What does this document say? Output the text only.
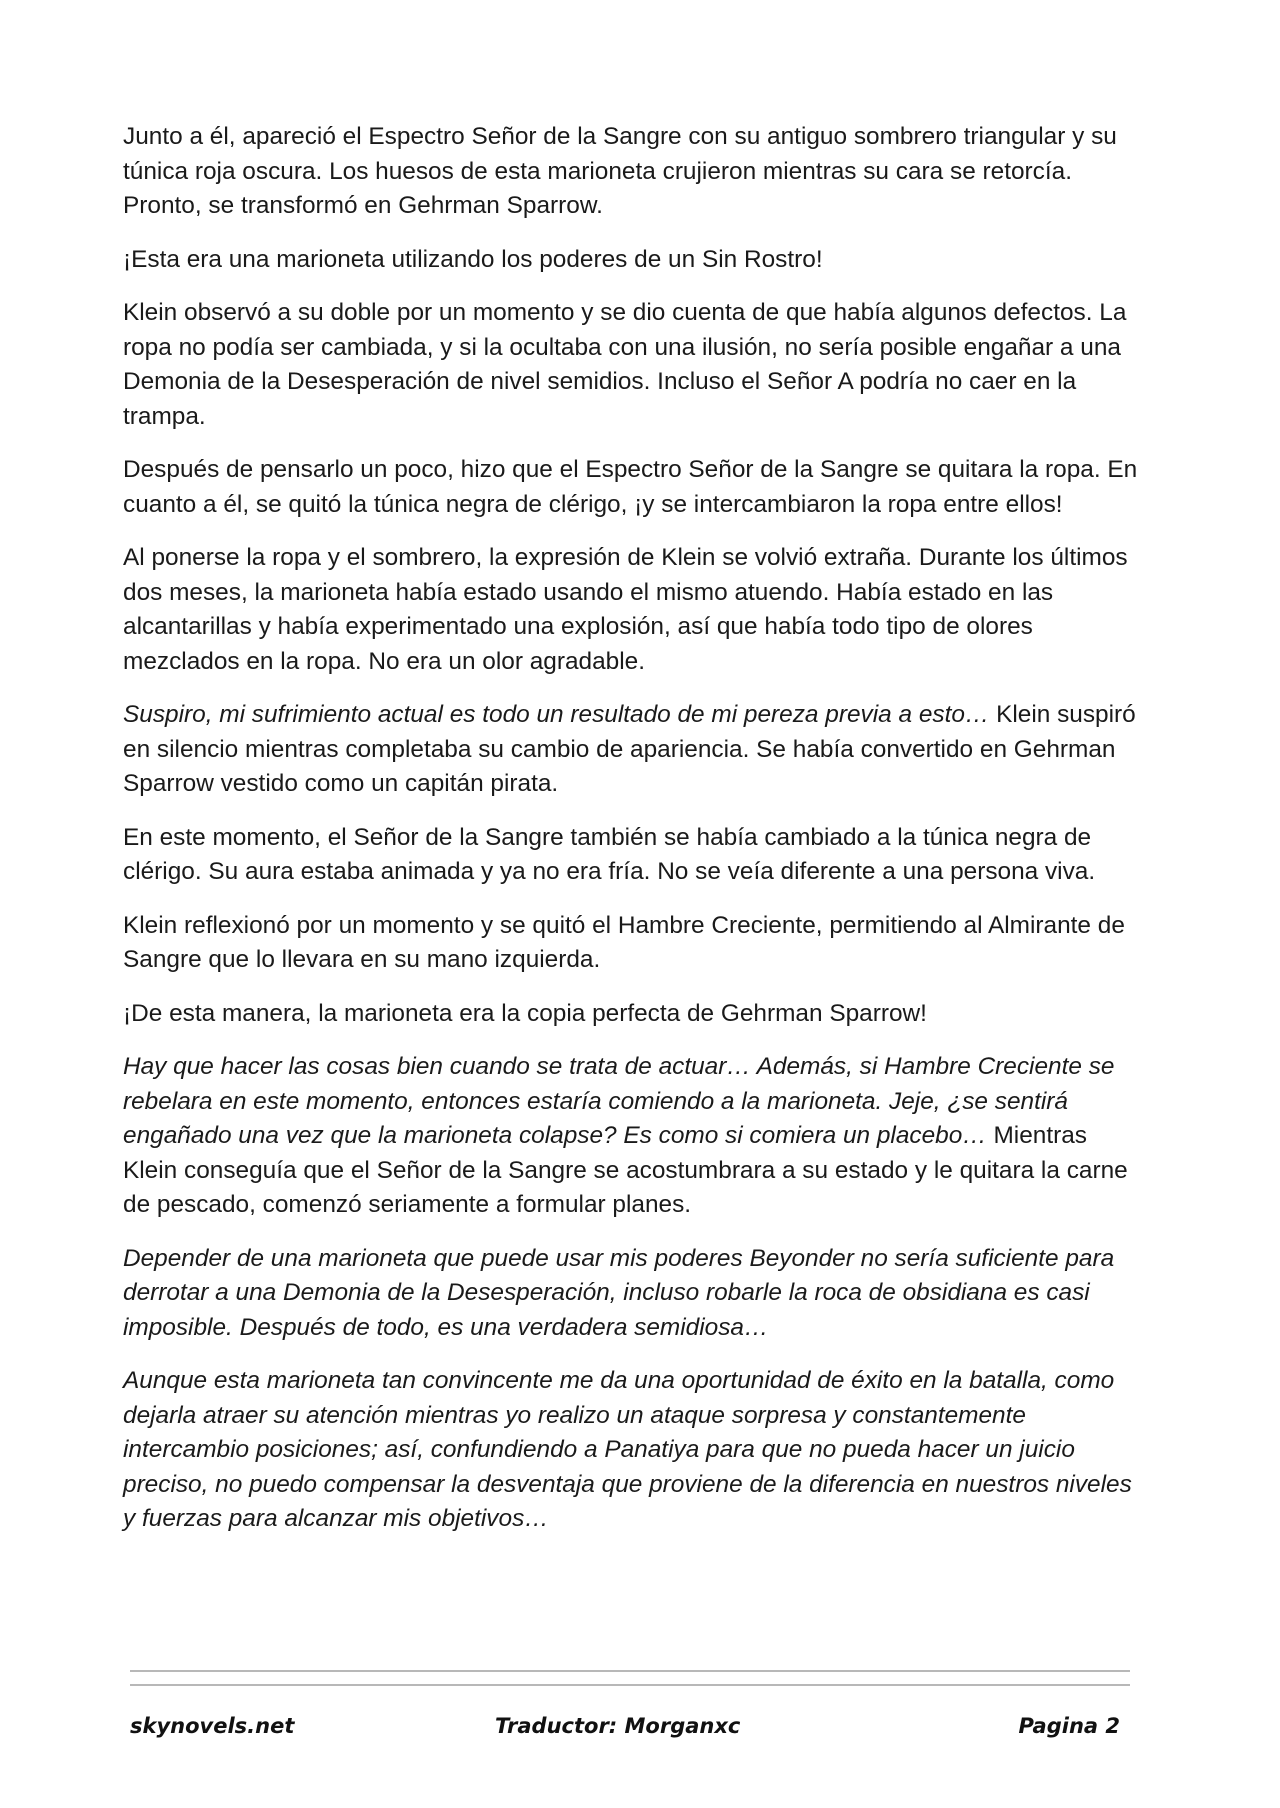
Junto a él, apareció el Espectro Señor de la Sangre con su antiguo sombrero triangular y su túnica roja oscura. Los huesos de esta marioneta crujieron mientras su cara se retorcía. Pronto, se transformó en Gehrman Sparrow.

¡Esta era una marioneta utilizando los poderes de un Sin Rostro!

Klein observó a su doble por un momento y se dio cuenta de que había algunos defectos. La ropa no podía ser cambiada, y si la ocultaba con una ilusión, no sería posible engañar a una Demonia de la Desesperación de nivel semidios. Incluso el Señor A podría no caer en la trampa.

Después de pensarlo un poco, hizo que el Espectro Señor de la Sangre se quitara la ropa. En cuanto a él, se quitó la túnica negra de clérigo, ¡y se intercambiaron la ropa entre ellos!

Al ponerse la ropa y el sombrero, la expresión de Klein se volvió extraña. Durante los últimos dos meses, la marioneta había estado usando el mismo atuendo. Había estado en las alcantarillas y había experimentado una explosión, así que había todo tipo de olores mezclados en la ropa. No era un olor agradable.

Suspiro, mi sufrimiento actual es todo un resultado de mi pereza previa a esto… Klein suspiró en silencio mientras completaba su cambio de apariencia. Se había convertido en Gehrman Sparrow vestido como un capitán pirata.

En este momento, el Señor de la Sangre también se había cambiado a la túnica negra de clérigo. Su aura estaba animada y ya no era fría. No se veía diferente a una persona viva.

Klein reflexionó por un momento y se quitó el Hambre Creciente, permitiendo al Almirante de Sangre que lo llevara en su mano izquierda.

¡De esta manera, la marioneta era la copia perfecta de Gehrman Sparrow!

Hay que hacer las cosas bien cuando se trata de actuar… Además, si Hambre Creciente se rebelara en este momento, entonces estaría comiendo a la marioneta. Jeje, ¿se sentirá engañado una vez que la marioneta colapse? Es como si comiera un placebo… Mientras Klein conseguía que el Señor de la Sangre se acostumbrara a su estado y le quitara la carne de pescado, comenzó seriamente a formular planes.

Depender de una marioneta que puede usar mis poderes Beyonder no sería suficiente para derrotar a una Demonia de la Desesperación, incluso robarle la roca de obsidiana es casi imposible. Después de todo, es una verdadera semidiosa…

Aunque esta marioneta tan convincente me da una oportunidad de éxito en la batalla, como dejarla atraer su atención mientras yo realizo un ataque sorpresa y constantemente intercambio posiciones; así, confundiendo a Panatiya para que no pueda hacer un juicio preciso, no puedo compensar la desventaja que proviene de la diferencia en nuestros niveles y fuerzas para alcanzar mis objetivos…

skynovels.net	Traductor: Morganxc	Pagina 2
